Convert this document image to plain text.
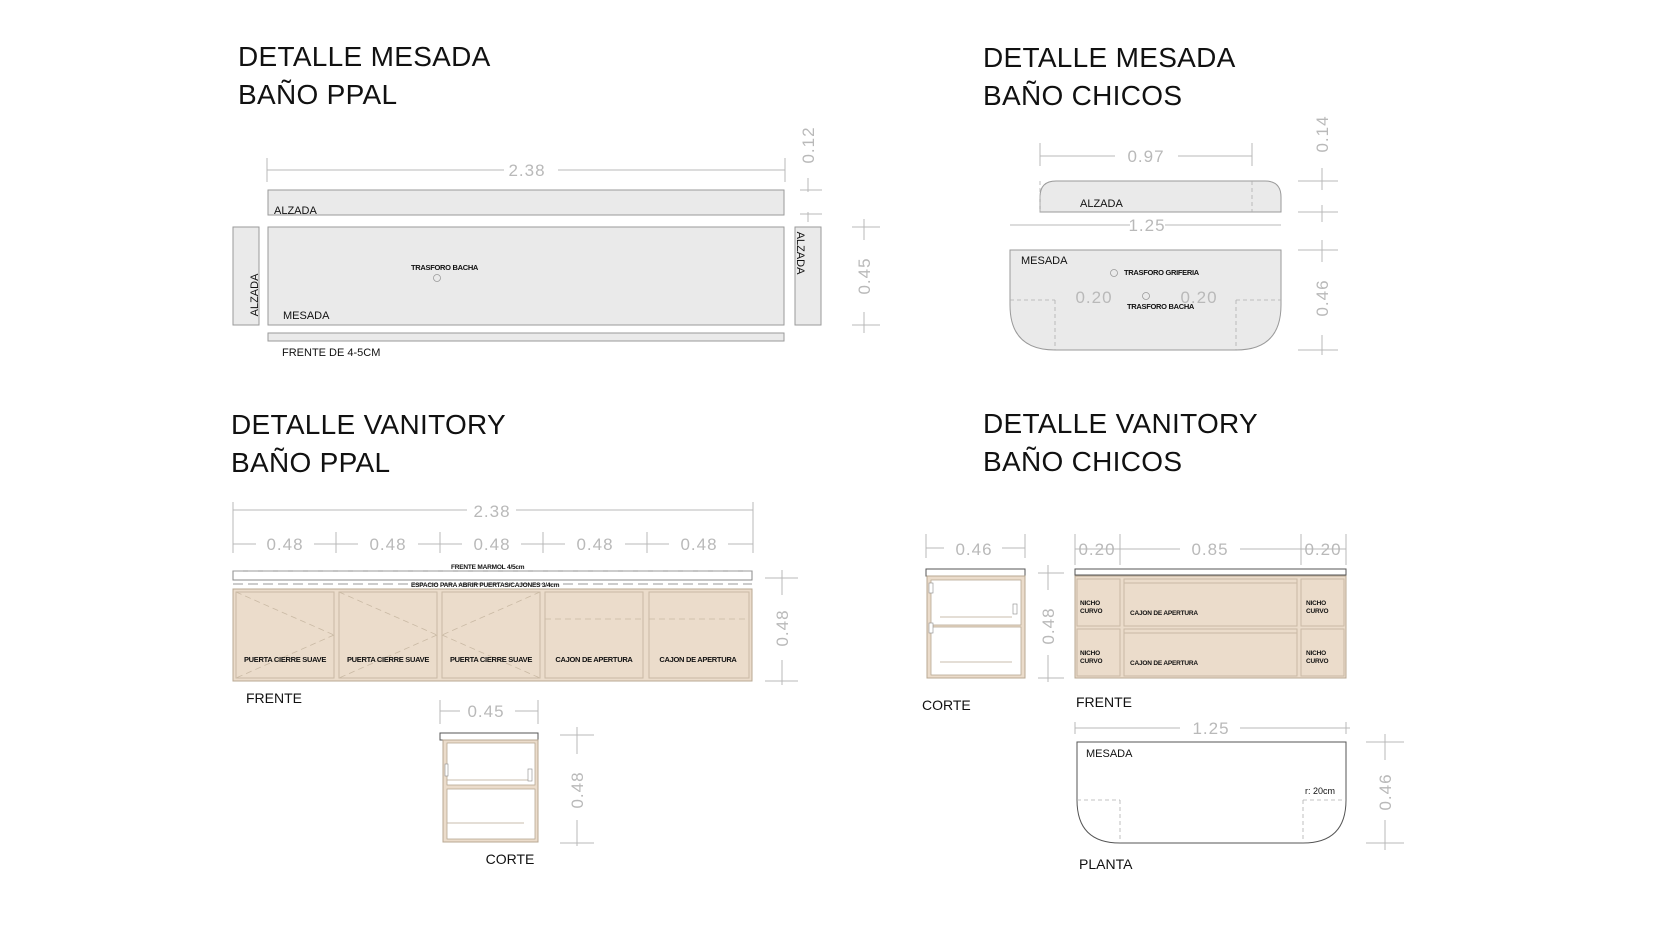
DETALLE MESADA
BAÑO PPAL
DETALLE MESADA
BAÑO CHICOS
DETALLE VANITORY
BAÑO PPAL
DETALLE VANITORY
BAÑO CHICOS
2.38
0.12
ALZADA
ALZADA
TRASFORO BACHA
MESADA
ALZADA
0.45
FRENTE DE 4-5CM
0.97
ALZADA
1.25
MESADA
TRASFORO GRIFERIA
TRASFORO BACHA
0.20	0.20
0.14
0.46
2.38
0.48	0.48	0.48	0.48	0.48
FRENTE MARMOL 4/5cm
ESPACIO PARA ABRIR PUERTAS/CAJONES 3/4cm
PUERTA CIERRE SUAVE	PUERTA CIERRE SUAVE	PUERTA CIERRE SUAVE	CAJON DE APERTURA	CAJON DE APERTURA
0.48
FRENTE
0.45
0.48
CORTE
0.46
0.48
CORTE
0.20	0.85	0.20
NICHO
CURVO
NICHO
CURVO
NICHO
CURVO
NICHO
CURVO
CAJON DE APERTURA
CAJON DE APERTURA
FRENTE
1.25
MESADA
r: 20cm 0.46
PLANTA
